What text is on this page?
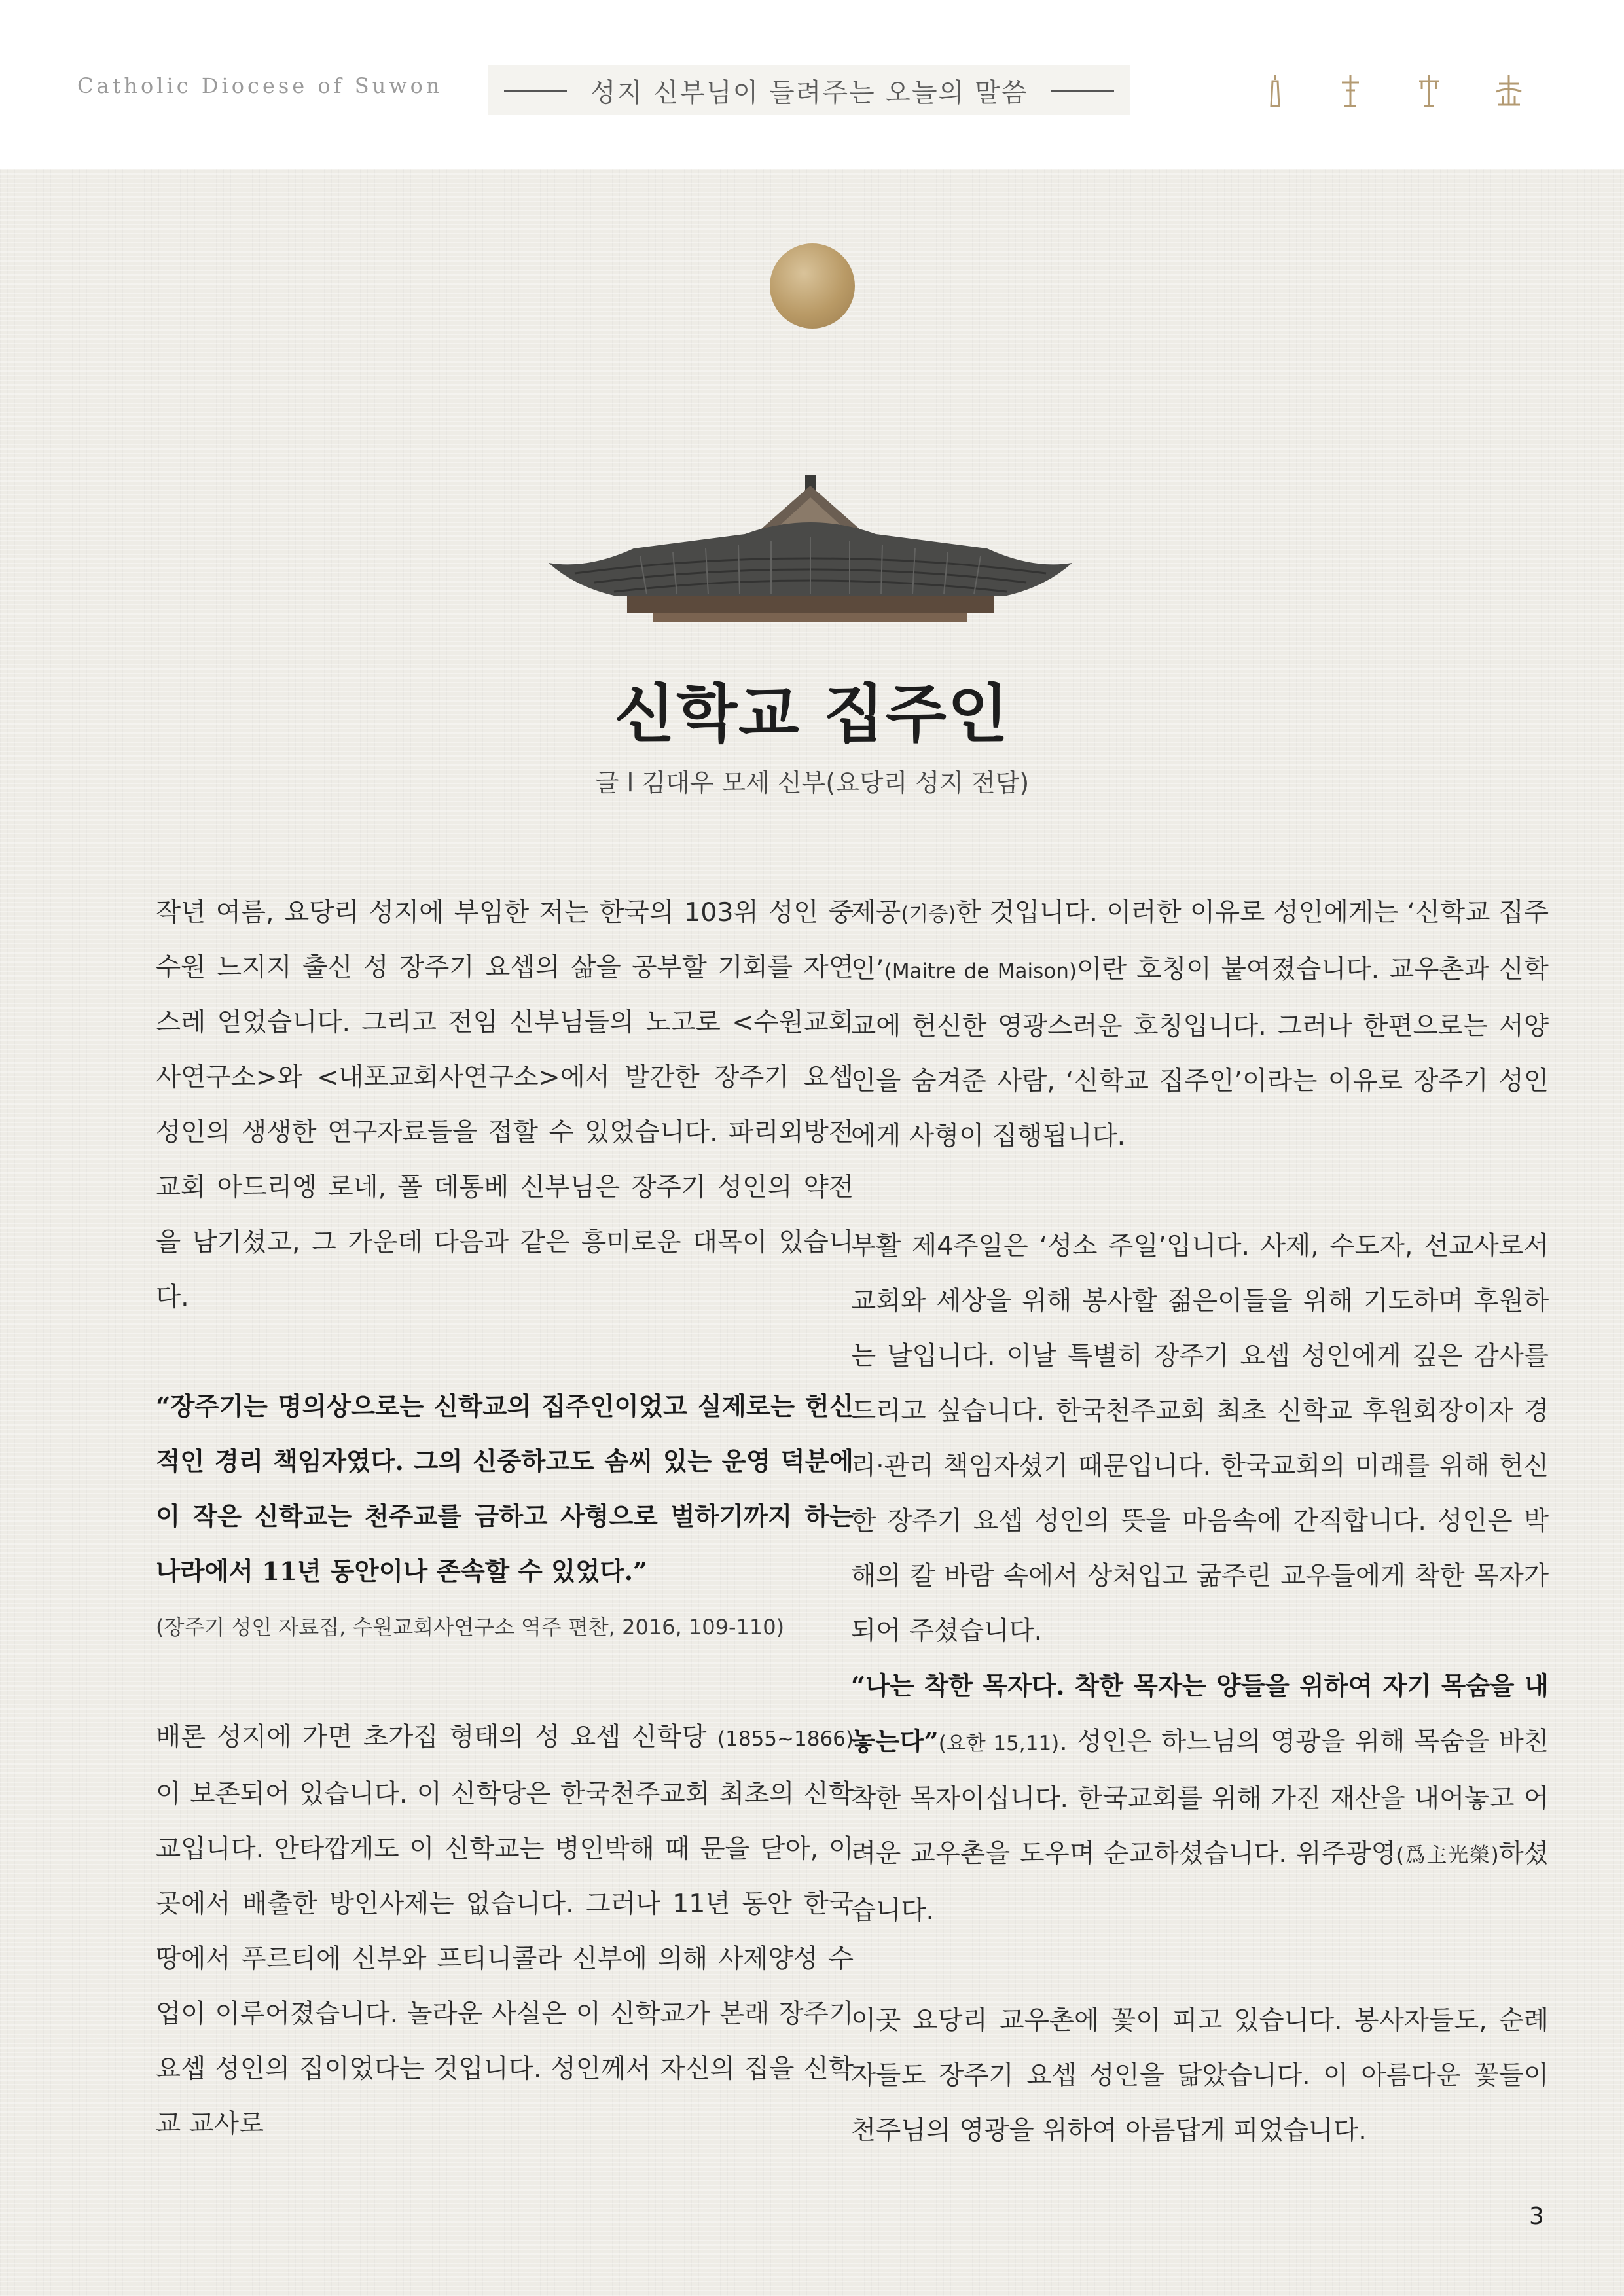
Catholic Diocese of Suwon	성지 신부님이 들려주는 오늘의 말씀
신학교 집주인
글 l 김대우 모세 신부(요당리 성지 전담)

작년 여름, 요당리 성지에 부임한 저는 한국의 103위 성인 중 수원 느지지 출신 성 장주기 요셉의 삶을 공부할 기회를 자연스레 얻었습니다. 그리고 전임 신부님들의 노고로 <수원교회사연구소>와 <내포교회사연구소>에서 발간한 장주기 요셉 성인의 생생한 연구자료들을 접할 수 있었습니다. 파리외방전교회 아드리엥 로네, 폴 데통베 신부님은 장주기 성인의 약전을 남기셨고, 그 가운데 다음과 같은 흥미로운 대목이 있습니다.

“장주기는 명의상으로는 신학교의 집주인이었고 실제로는 헌신적인 경리 책임자였다. 그의 신중하고도 솜씨 있는 운영 덕분에 이 작은 신학교는 천주교를 금하고 사형으로 벌하기까지 하는 나라에서 11년 동안이나 존속할 수 있었다.”

(장주기 성인 자료집, 수원교회사연구소 역주 편찬, 2016, 109-110)

배론 성지에 가면 초가집 형태의 성 요셉 신학당 (1855~1866)이 보존되어 있습니다. 이 신학당은 한국천주교회 최초의 신학교입니다. 안타깝게도 이 신학교는 병인박해 때 문을 닫아, 이곳에서 배출한 방인사제는 없습니다. 그러나 11년 동안 한국 땅에서 푸르티에 신부와 프티니콜라 신부에 의해 사제양성 수업이 이루어졌습니다. 놀라운 사실은 이 신학교가 본래 장주기 요셉 성인의 집이었다는 것입니다. 성인께서 자신의 집을 신학교 교사로

제공(기증)한 것입니다. 이러한 이유로 성인에게는 ‘신학교 집주인’(Maitre de Maison)이란 호칭이 붙여졌습니다. 교우촌과 신학교에 헌신한 영광스러운 호칭입니다. 그러나 한편으로는 서양인을 숨겨준 사람, ‘신학교 집주인’이라는 이유로 장주기 성인에게 사형이 집행됩니다.

부활 제4주일은 ‘성소 주일’입니다. 사제, 수도자, 선교사로서 교회와 세상을 위해 봉사할 젊은이들을 위해 기도하며 후원하는 날입니다. 이날 특별히 장주기 요셉 성인에게 깊은 감사를 드리고 싶습니다. 한국천주교회 최초 신학교 후원회장이자 경리·관리 책임자셨기 때문입니다. 한국교회의 미래를 위해 헌신한 장주기 요셉 성인의 뜻을 마음속에 간직합니다. 성인은 박해의 칼 바람 속에서 상처입고 굶주린 교우들에게 착한 목자가 되어 주셨습니다.

“나는 착한 목자다. 착한 목자는 양들을 위하여 자기 목숨을 내놓는다”(요한 15,11). 성인은 하느님의 영광을 위해 목숨을 바친 착한 목자이십니다. 한국교회를 위해 가진 재산을 내어놓고 어려운 교우촌을 도우며 순교하셨습니다. 위주광영(爲主光榮)하셨습니다.

이곳 요당리 교우촌에 꽃이 피고 있습니다. 봉사자들도, 순례자들도 장주기 요셉 성인을 닮았습니다. 이 아름다운 꽃들이 천주님의 영광을 위하여 아름답게 피었습니다.

3
